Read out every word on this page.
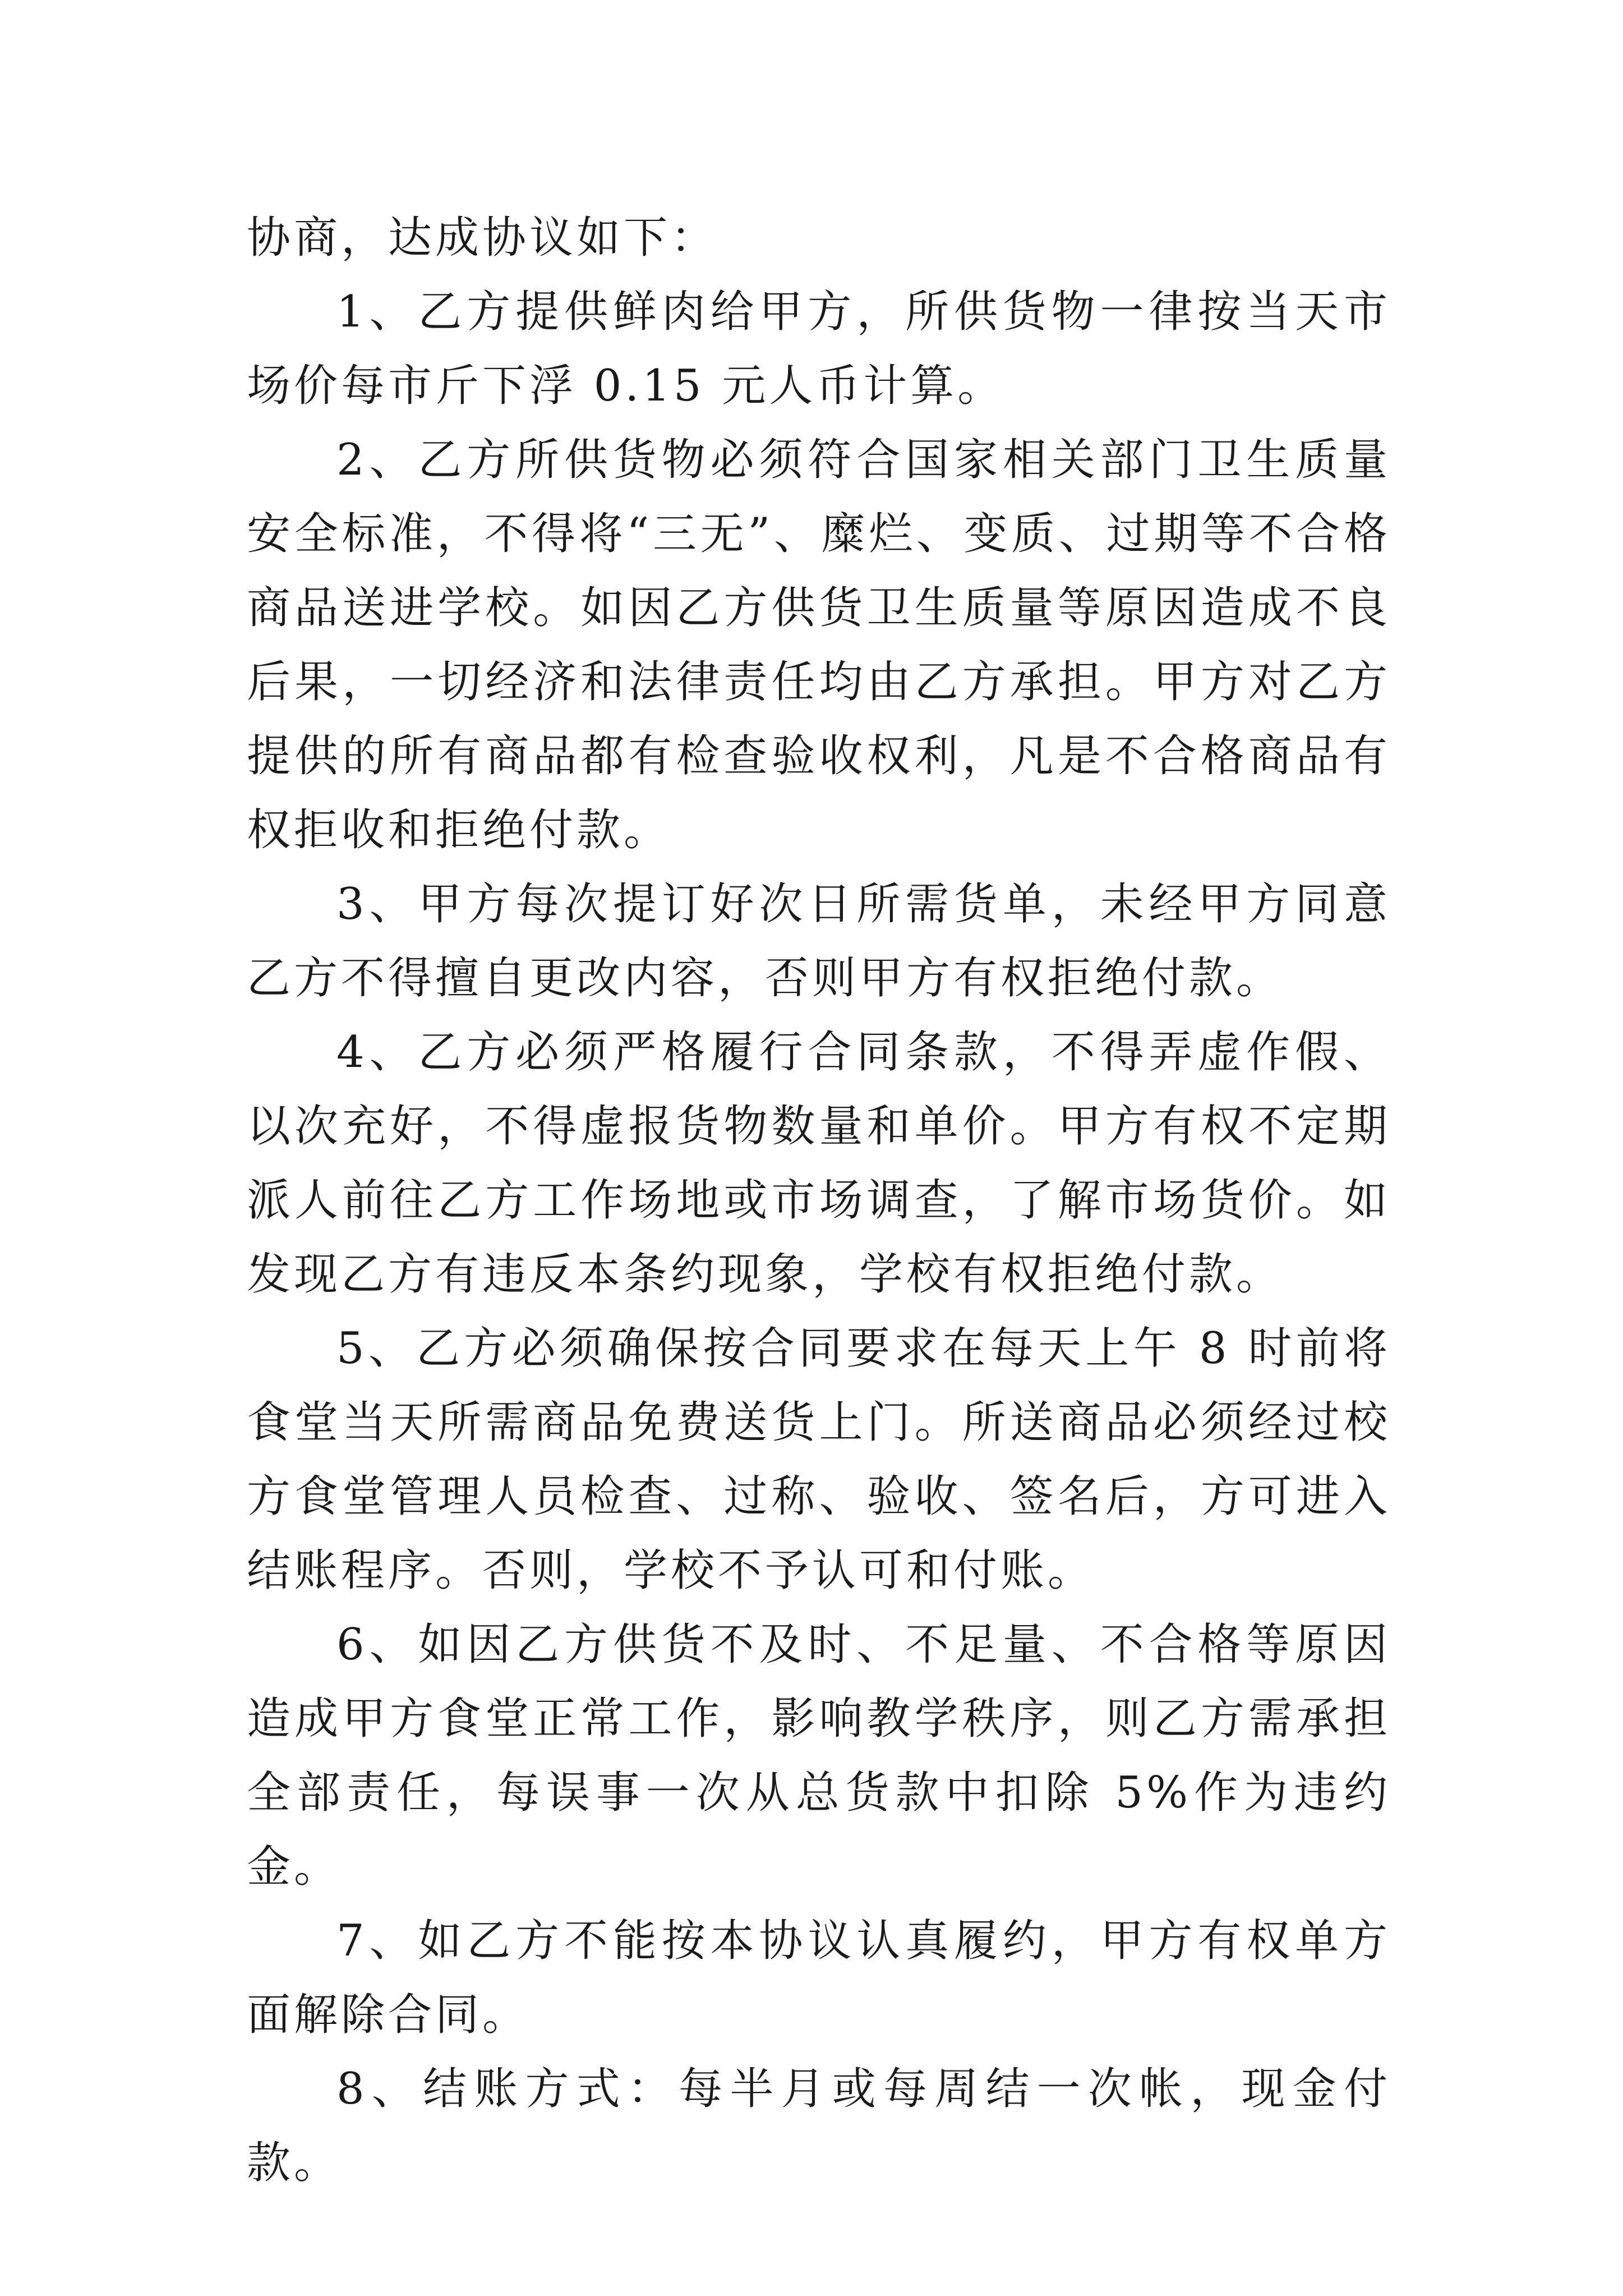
协商，达成协议如下：

1、乙方提供鲜肉给甲方，所供货物一律按当天市场价每市斤下浮 0.15 元人币计算。

2、乙方所供货物必须符合国家相关部门卫生质量安全标准，不得将“三无”、糜烂、变质、过期等不合格商品送进学校。如因乙方供货卫生质量等原因造成不良后果，一切经济和法律责任均由乙方承担。甲方对乙方提供的所有商品都有检查验收权利，凡是不合格商品有权拒收和拒绝付款。

3、甲方每次提订好次日所需货单，未经甲方同意乙方不得擅自更改内容，否则甲方有权拒绝付款。

4、乙方必须严格履行合同条款，不得弄虚作假、以次充好，不得虚报货物数量和单价。甲方有权不定期派人前往乙方工作场地或市场调查，了解市场货价。如发现乙方有违反本条约现象，学校有权拒绝付款。

5、乙方必须确保按合同要求在每天上午 8 时前将食堂当天所需商品免费送货上门。所送商品必须经过校方食堂管理人员检查、过称、验收、签名后，方可进入结账程序。否则，学校不予认可和付账。

6、如因乙方供货不及时、不足量、不合格等原因造成甲方食堂正常工作，影响教学秩序，则乙方需承担全部责任，每误事一次从总货款中扣除 5%作为违约金。

7、如乙方不能按本协议认真履约，甲方有权单方面解除合同。

8、结账方式：每半月或每周结一次帐，现金付款。
